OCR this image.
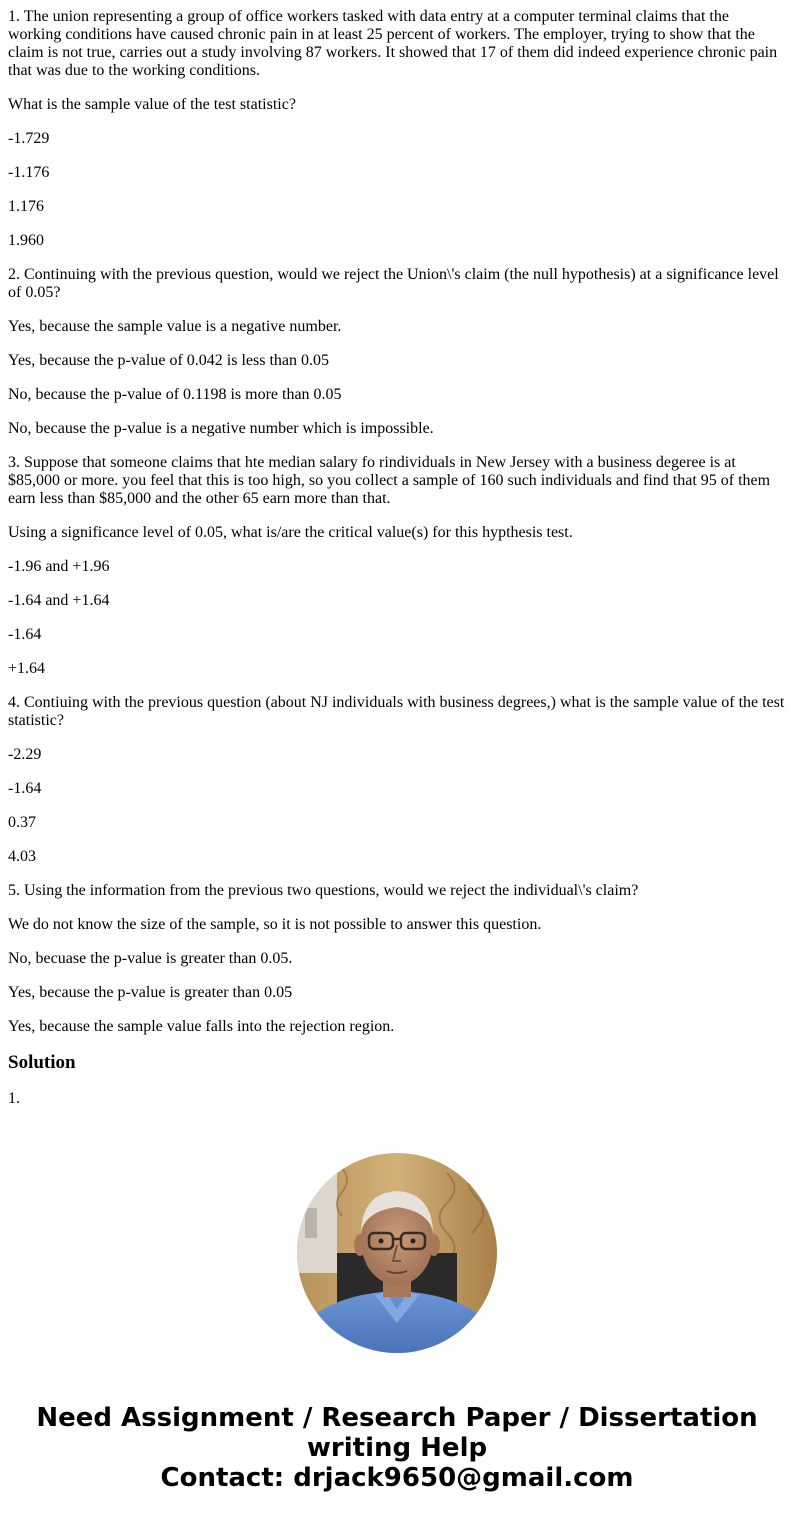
1. The union representing a group of office workers tasked with data entry at a computer terminal claims that the working conditions have caused chronic pain in at least 25 percent of workers. The employer, trying to show that the claim is not true, carries out a study involving 87 workers. It showed that 17 of them did indeed experience chronic pain that was due to the working conditions.

What is the sample value of the test statistic?

-1.729

-1.176

1.176

1.960

2. Continuing with the previous question, would we reject the Union\'s claim (the null hypothesis) at a significance level of 0.05?

Yes, because the sample value is a negative number.

Yes, because the p-value of 0.042 is less than 0.05

No, because the p-value of 0.1198 is more than 0.05

No, because the p-value is a negative number which is impossible.

3. Suppose that someone claims that hte median salary fo rindividuals in New Jersey with a business degeree is at $85,000 or more. you feel that this is too high, so you collect a sample of 160 such individuals and find that 95 of them earn less than $85,000 and the other 65 earn more than that.

Using a significance level of 0.05, what is/are the critical value(s) for this hypthesis test.

-1.96 and +1.96

-1.64 and +1.64

-1.64

+1.64

4. Contiuing with the previous question (about NJ individuals with business degrees,) what is the sample value of the test statistic?

-2.29

-1.64

0.37

4.03

5. Using the information from the previous two questions, would we reject the individual\'s claim?

We do not know the size of the sample, so it is not possible to answer this question.

No, becuase the p-value is greater than 0.05.

Yes, because the p-value is greater than 0.05

Yes, because the sample value falls into the rejection region.

Solution

1.

Need Assignment / Research Paper / Dissertation
writing Help
Contact: drjack9650@gmail.com
